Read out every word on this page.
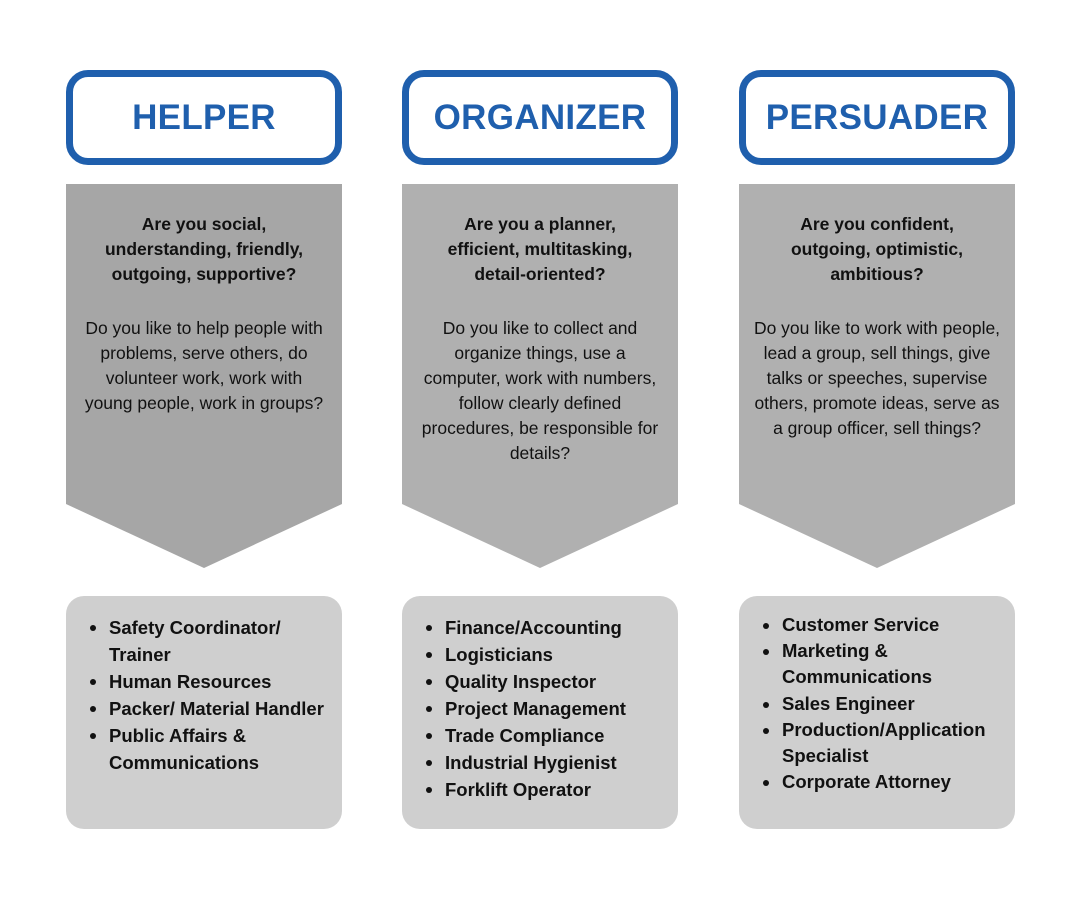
HELPER
Are you social, understanding, friendly, outgoing, supportive?
Do you like to help people with problems, serve others, do volunteer work, work with young people, work in groups?
Safety Coordinator/ Trainer
Human Resources
Packer/ Material Handler
Public Affairs & Communications
ORGANIZER
Are you a planner, efficient, multitasking, detail-oriented?
Do you like to collect and organize things, use a computer, work with numbers, follow clearly defined procedures, be responsible for details?
Finance/Accounting
Logisticians
Quality Inspector
Project Management
Trade Compliance
Industrial Hygienist
Forklift Operator
PERSUADER
Are you confident, outgoing, optimistic, ambitious?
Do you like to work with people, lead a group, sell things, give talks or speeches, supervise others, promote ideas, serve as a group officer, sell things?
Customer Service
Marketing & Communications
Sales Engineer
Production/Application Specialist
Corporate Attorney
